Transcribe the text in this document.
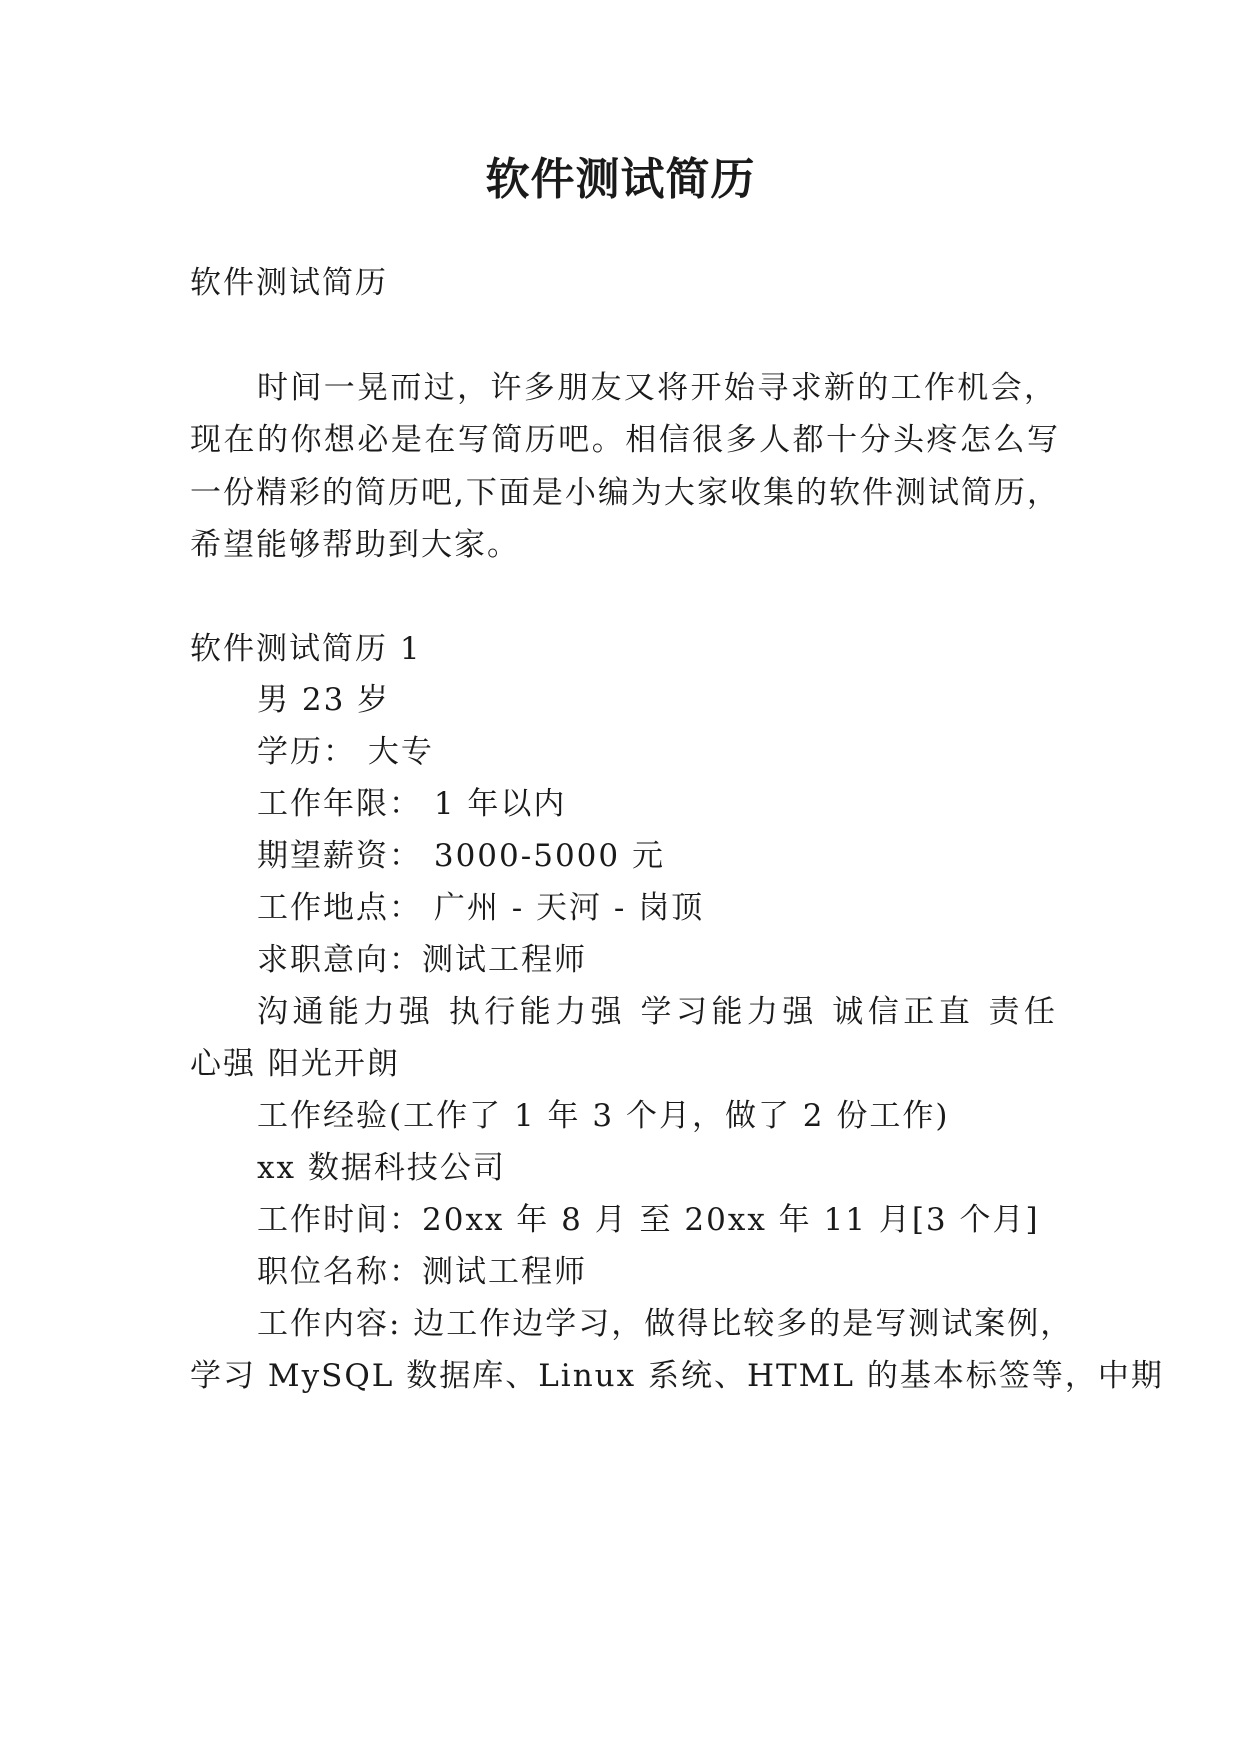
软件测试简历
软件测试简历
时间一晃而过，许多朋友又将开始寻求新的工作机会，
现在的你想必是在写简历吧。相信很多人都十分头疼怎么写
一份精彩的简历吧,下面是小编为大家收集的软件测试简历，
希望能够帮助到大家。
软件测试简历 1
男 23 岁
学历： 大专
工作年限： 1 年以内
期望薪资： 3000-5000 元
工作地点： 广州 - 天河 - 岗顶
求职意向：测试工程师
沟通能力强 执行能力强 学习能力强 诚信正直 责任
心强 阳光开朗
工作经验(工作了 1 年 3 个月，做了 2 份工作)
xx 数据科技公司
工作时间：20xx 年 8 月 至 20xx 年 11 月[3 个月]
职位名称：测试工程师
工作内容: 边工作边学习，做得比较多的是写测试案例，
学习 MySQL 数据库、Linux 系统、HTML 的基本标签等，中期
